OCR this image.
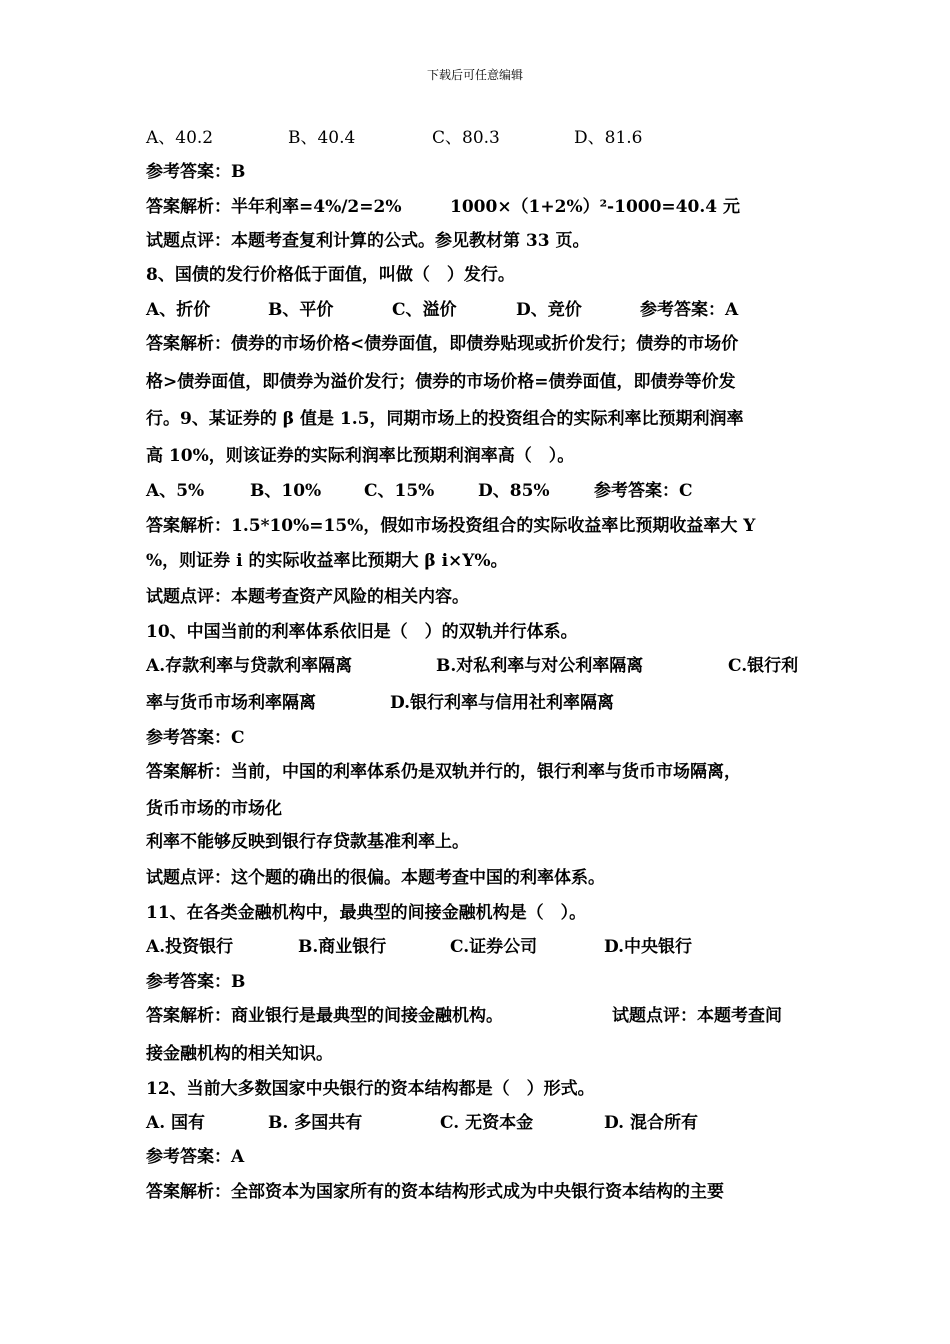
下载后可任意编辑
A、40.2	B、40.4	C、80.3	D、81.6
参考答案：B
答案解析：半年利率=4%/2=2%	1000×（1+2%）²-1000=40.4 元
试题点评：本题考查复利计算的公式。参见教材第 33 页。
8、国债的发行价格低于面值，叫做（　）发行。
A、折价	B、平价	C、溢价	D、竞价	参考答案：A
答案解析：债券的市场价格<债券面值，即债券贴现或折价发行；债券的市场价
格>债券面值，即债券为溢价发行；债券的市场价格=债券面值，即债券等价发
行。9、某证券的 β 值是 1.5，同期市场上的投资组合的实际利率比预期利润率
高 10%，则该证券的实际利润率比预期利润率高（　）。
A、5%	B、10%	C、15%	D、85%	参考答案：C
答案解析：1.5*10%=15%，假如市场投资组合的实际收益率比预期收益率大 Y
%，则证券 i 的实际收益率比预期大 β i×Y%。
试题点评：本题考查资产风险的相关内容。
10、中国当前的利率体系依旧是（　）的双轨并行体系。
A.存款利率与贷款利率隔离	B.对私利率与对公利率隔离	C.银行利
率与货币市场利率隔离	D.银行利率与信用社利率隔离
参考答案：C
答案解析：当前，中国的利率体系仍是双轨并行的，银行利率与货币市场隔离，
货币市场的市场化
利率不能够反映到银行存贷款基准利率上。
试题点评：这个题的确出的很偏。本题考查中国的利率体系。
11、在各类金融机构中，最典型的间接金融机构是（　）。
A.投资银行	B.商业银行	C.证券公司	D.中央银行
参考答案：B
答案解析：商业银行是最典型的间接金融机构。	试题点评：本题考查间
接金融机构的相关知识。
12、当前大多数国家中央银行的资本结构都是（　）形式。
A. 国有	B. 多国共有	C. 无资本金	D. 混合所有
参考答案：A
答案解析：全部资本为国家所有的资本结构形式成为中央银行资本结构的主要
